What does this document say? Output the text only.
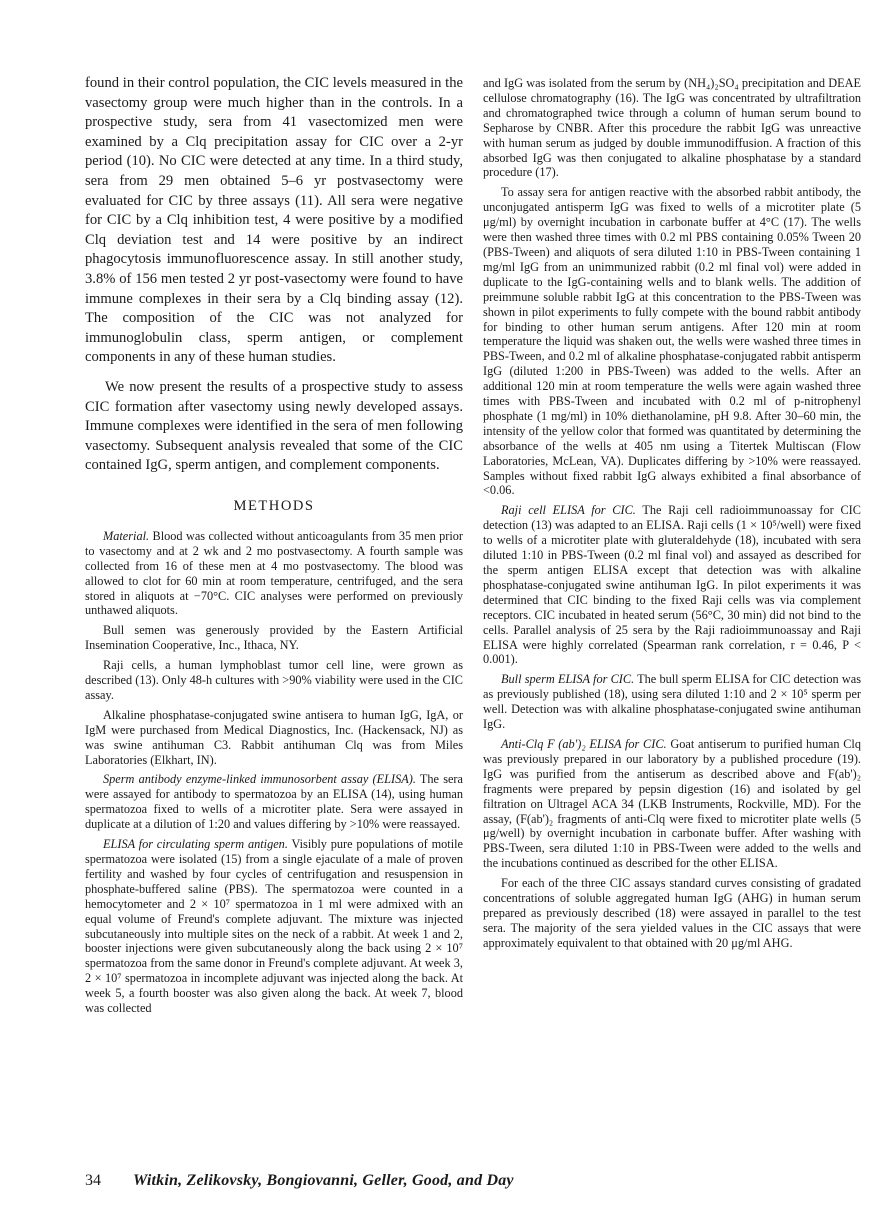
found in their control population, the CIC levels measured in the vasectomy group were much higher than in the controls. In a prospective study, sera from 41 vasectomized men were examined by a Clq precipitation assay for CIC over a 2-yr period (10). No CIC were detected at any time. In a third study, sera from 29 men obtained 5–6 yr postvasectomy were evaluated for CIC by three assays (11). All sera were negative for CIC by a Clq inhibition test, 4 were positive by a modified Clq deviation test and 14 were positive by an indirect phagocytosis immunofluorescence assay. In still another study, 3.8% of 156 men tested 2 yr post-vasectomy were found to have immune complexes in their sera by a Clq binding assay (12). The composition of the CIC was not analyzed for immunoglobulin class, sperm antigen, or complement components in any of these human studies.

We now present the results of a prospective study to assess CIC formation after vasectomy using newly developed assays. Immune complexes were identified in the sera of men following vasectomy. Subsequent analysis revealed that some of the CIC contained IgG, sperm antigen, and complement components.

METHODS

Material. Blood was collected without anticoagulants from 35 men prior to vasectomy and at 2 wk and 2 mo postvasectomy. A fourth sample was collected from 16 of these men at 4 mo postvasectomy. The blood was allowed to clot for 60 min at room temperature, centrifuged, and the sera stored in aliquots at −70°C. CIC analyses were performed on previously unthawed aliquots.

Bull semen was generously provided by the Eastern Artificial Insemination Cooperative, Inc., Ithaca, NY.

Raji cells, a human lymphoblast tumor cell line, were grown as described (13). Only 48-h cultures with >90% viability were used in the CIC assay.

Alkaline phosphatase-conjugated swine antisera to human IgG, IgA, or IgM were purchased from Medical Diagnostics, Inc. (Hackensack, NJ) as was swine antihuman C3. Rabbit antihuman Clq was from Miles Laboratories (Elkhart, IN).

Sperm antibody enzyme-linked immunosorbent assay (ELISA). The sera were assayed for antibody to spermatozoa by an ELISA (14), using human spermatozoa fixed to wells of a microtiter plate. Sera were assayed in duplicate at a dilution of 1:20 and values differing by >10% were reassayed.

ELISA for circulating sperm antigen. Visibly pure populations of motile spermatozoa were isolated (15) from a single ejaculate of a male of proven fertility and washed by four cycles of centrifugation and resuspension in phosphate-buffered saline (PBS). The spermatozoa were counted in a hemocytometer and 2 × 10⁷ spermatozoa in 1 ml were admixed with an equal volume of Freund's complete adjuvant. The mixture was injected subcutaneously into multiple sites on the neck of a rabbit. At week 1 and 2, booster injections were given subcutaneously along the back using 2 × 10⁷ spermatozoa from the same donor in Freund's complete adjuvant. At week 3, 2 × 10⁷ spermatozoa in incomplete adjuvant was injected along the back. At week 5, a fourth booster was also given along the back. At week 7, blood was collected

and IgG was isolated from the serum by (NH₄)₂SO₄ precipitation and DEAE cellulose chromatography (16). The IgG was concentrated by ultrafiltration and chromatographed twice through a column of human serum bound to Sepharose by CNBR. After this procedure the rabbit IgG was unreactive with human serum as judged by double immunodiffusion. A fraction of this absorbed IgG was then conjugated to alkaline phosphatase by a standard procedure (17).

To assay sera for antigen reactive with the absorbed rabbit antibody, the unconjugated antisperm IgG was fixed to wells of a microtiter plate (5 μg/ml) by overnight incubation in carbonate buffer at 4°C (17). The wells were then washed three times with 0.2 ml PBS containing 0.05% Tween 20 (PBS-Tween) and aliquots of sera diluted 1:10 in PBS-Tween containing 1 mg/ml IgG from an unimmunized rabbit (0.2 ml final vol) were added in duplicate to the IgG-containing wells and to blank wells. The addition of preimmune soluble rabbit IgG at this concentration to the PBS-Tween was shown in pilot experiments to fully compete with the bound rabbit antibody for binding to other human serum antigens. After 120 min at room temperature the liquid was shaken out, the wells were washed three times in PBS-Tween, and 0.2 ml of alkaline phosphatase-conjugated rabbit antisperm IgG (diluted 1:200 in PBS-Tween) was added to the wells. After an additional 120 min at room temperature the wells were again washed three times with PBS-Tween and incubated with 0.2 ml of p-nitrophenyl phosphate (1 mg/ml) in 10% diethanolamine, pH 9.8. After 30–60 min, the intensity of the yellow color that formed was quantitated by determining the absorbance of the wells at 405 nm using a Titertek Multiscan (Flow Laboratories, McLean, VA). Duplicates differing by >10% were reassayed. Samples without fixed rabbit IgG always exhibited a final absorbance of <0.06.

Raji cell ELISA for CIC. The Raji cell radioimmunoassay for CIC detection (13) was adapted to an ELISA. Raji cells (1 × 10⁵/well) were fixed to wells of a microtiter plate with gluteraldehyde (18), incubated with sera diluted 1:10 in PBS-Tween (0.2 ml final vol) and assayed as described for the sperm antigen ELISA except that detection was with alkaline phosphatase-conjugated swine antihuman IgG. In pilot experiments it was determined that CIC binding to the fixed Raji cells was via complement receptors. CIC incubated in heated serum (56°C, 30 min) did not bind to the cells. Parallel analysis of 25 sera by the Raji radioimmunoassay and Raji ELISA were highly correlated (Spearman rank correlation, r = 0.46, P < 0.001).

Bull sperm ELISA for CIC. The bull sperm ELISA for CIC detection was as previously published (18), using sera diluted 1:10 and 2 × 10⁵ sperm per well. Detection was with alkaline phosphatase-conjugated swine antihuman IgG.

Anti-Clq F (ab')₂ ELISA for CIC. Goat antiserum to purified human Clq was previously prepared in our laboratory by a published procedure (19). IgG was purified from the antiserum as described above and F(ab')₂ fragments were prepared by pepsin digestion (16) and isolated by gel filtration on Ultragel ACA 34 (LKB Instruments, Rockville, MD). For the assay, (F(ab')₂ fragments of anti-Clq were fixed to microtiter plate wells (5 μg/well) by overnight incubation in carbonate buffer. After washing with PBS-Tween, sera diluted 1:10 in PBS-Tween were added to the wells and the incubations continued as described for the other ELISA.

For each of the three CIC assays standard curves consisting of gradated concentrations of soluble aggregated human IgG (AHG) in human serum prepared as previously described (18) were assayed in parallel to the test sera. The majority of the sera yielded values in the CIC assays that were approximately equivalent to that obtained with 20 μg/ml AHG.

34 Witkin, Zelikovsky, Bongiovanni, Geller, Good, and Day
